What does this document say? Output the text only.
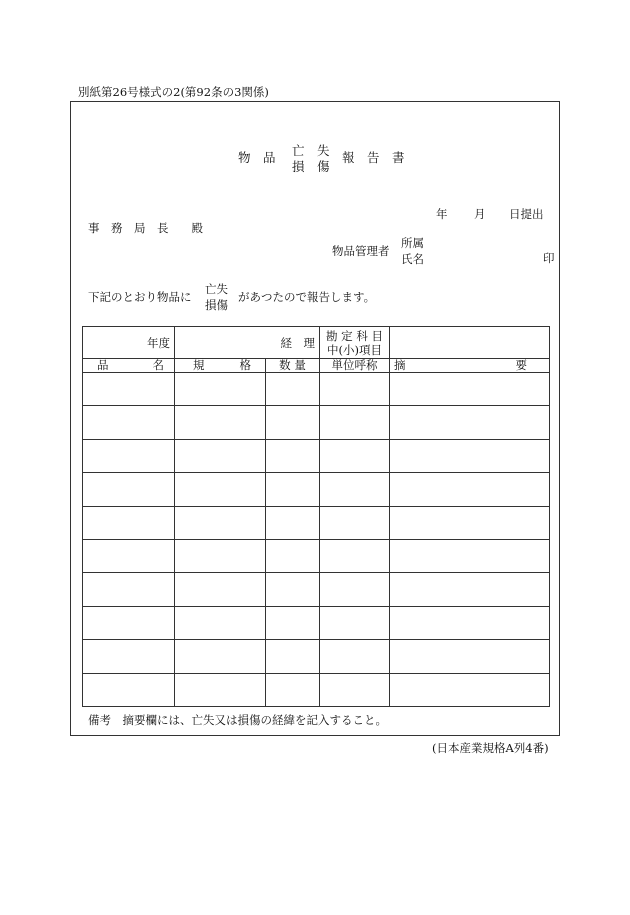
別紙第26号様式の2(第92条の3関係)
物　品 亡　失
損　傷
報　告　書
年 月 日提出
事　務　局　長　　殿
物品管理者
所属
氏名	印
下記のとおり物品に
亡失
損傷
があつたので報告します。
年度	経　理		勘 定 科 目
中(小)項目	

品 名	規 格	数 量	単位呼称	摘 要

備考　摘要欄には、亡失又は損傷の経緯を記入すること。
(日本産業規格A列4番)
